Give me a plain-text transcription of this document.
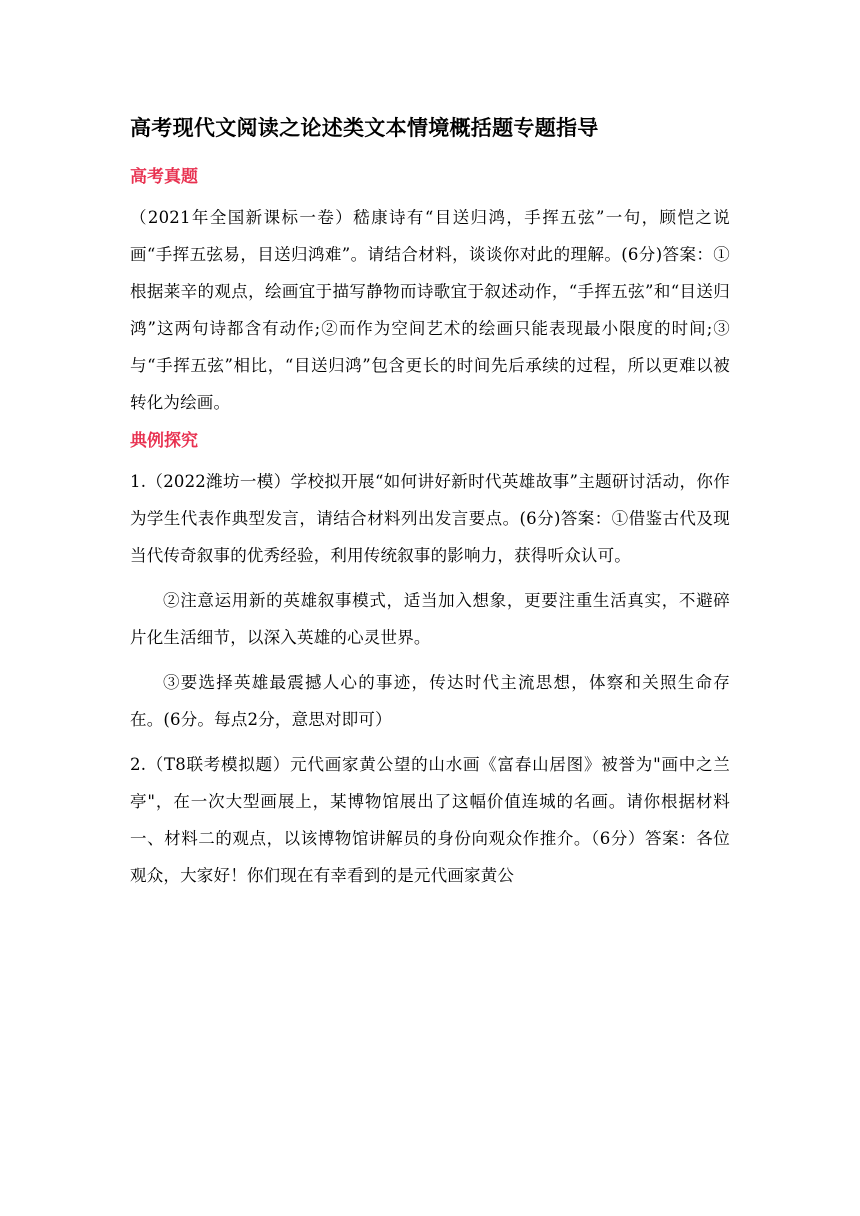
高考现代文阅读之论述类文本情境概括题专题指导
高考真题

（2021年全国新课标一卷）嵇康诗有“目送归鸿，手挥五弦”一句，顾恺之说画“手挥五弦易，目送归鸿难”。请结合材料，谈谈你对此的理解。(6分)答案：①根据莱辛的观点，绘画宜于描写静物而诗歌宜于叙述动作，“手挥五弦”和“目送归鸿”这两句诗都含有动作;②而作为空间艺术的绘画只能表现最小限度的时间;③与“手挥五弦”相比，“目送归鸿”包含更长的时间先后承续的过程，所以更难以被转化为绘画。

典例探究

1.（2022潍坊一模）学校拟开展“如何讲好新时代英雄故事”主题研讨活动，你作为学生代表作典型发言，请结合材料列出发言要点。(6分)答案：①借鉴古代及现当代传奇叙事的优秀经验，利用传统叙事的影响力，获得听众认可。

②注意运用新的英雄叙事模式，适当加入想象，更要注重生活真实，不避碎片化生活细节，以深入英雄的心灵世界。

③要选择英雄最震撼人心的事迹，传达时代主流思想，体察和关照生命存在。(6分。每点2分，意思对即可）

2.（T8联考模拟题）元代画家黄公望的山水画《富春山居图》被誉为"画中之兰亭"，在一次大型画展上，某博物馆展出了这幅价值连城的名画。请你根据材料一、材料二的观点，以该博物馆讲解员的身份向观众作推介。（6分）答案：各位观众，大家好！你们现在有幸看到的是元代画家黄公
